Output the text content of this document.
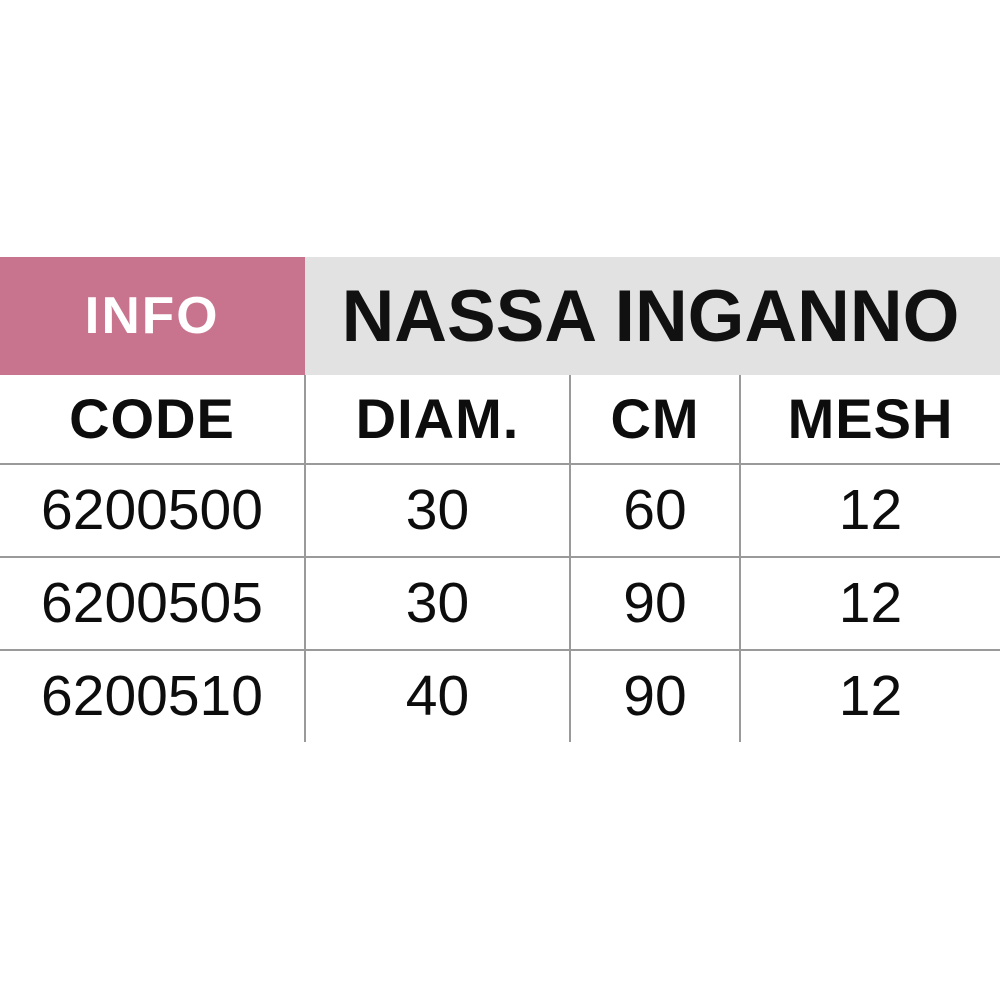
INFO NASSA INGANNO
CODE	DIAM.	CM	MESH

6200500	30	60	12

6200505	30	90	12

6200510	40	90	12
